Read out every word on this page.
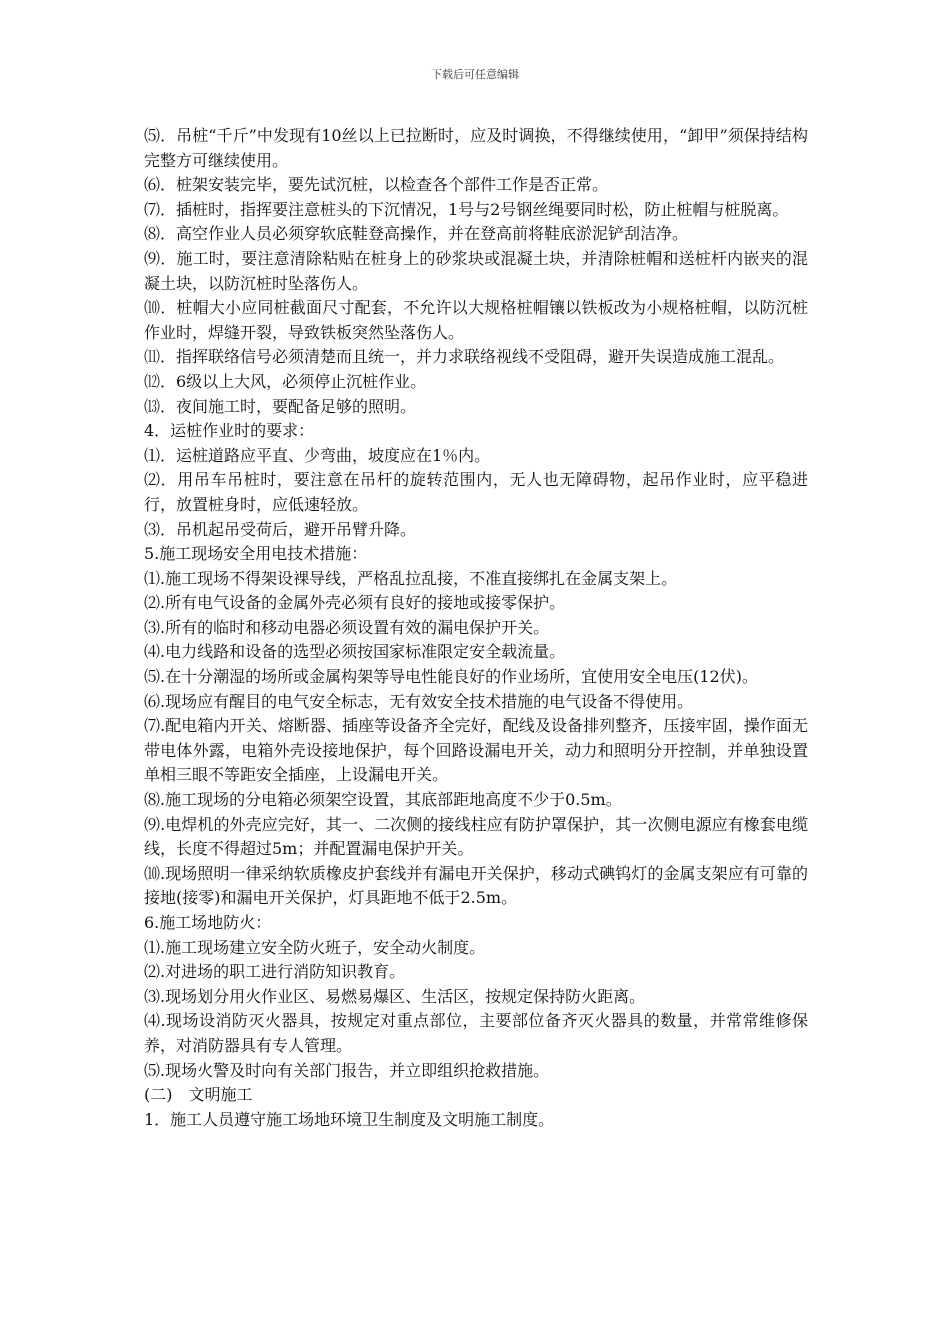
下载后可任意编辑

⑸．吊桩“千斤”中发现有10丝以上已拉断时，应及时调换，不得继续使用，“卸甲”须保持结构完整方可继续使用。

⑹．桩架安装完毕，要先试沉桩，以检查各个部件工作是否正常。

⑺．插桩时，指挥要注意桩头的下沉情况，1号与2号钢丝绳要同时松，防止桩帽与桩脱离。

⑻．高空作业人员必须穿软底鞋登高操作，并在登高前将鞋底淤泥铲刮洁净。

⑼．施工时，要注意清除粘贴在桩身上的砂浆块或混凝土块，并清除桩帽和送桩杆内嵌夹的混凝土块，以防沉桩时坠落伤人。

⑽．桩帽大小应同桩截面尺寸配套，不允许以大规格桩帽镶以铁板改为小规格桩帽，以防沉桩作业时，焊缝开裂，导致铁板突然坠落伤人。

⑾．指挥联络信号必须清楚而且统一，并力求联络视线不受阻碍，避开失误造成施工混乱。

⑿．6级以上大风，必须停止沉桩作业。

⒀．夜间施工时，要配备足够的照明。

4．运桩作业时的要求：

⑴．运桩道路应平直、少弯曲，坡度应在1％内。

⑵．用吊车吊桩时，要注意在吊杆的旋转范围内，无人也无障碍物，起吊作业时，应平稳进行，放置桩身时，应低速轻放。

⑶．吊机起吊受荷后，避开吊臂升降。

5.施工现场安全用电技术措施：

⑴.施工现场不得架设裸导线，严格乱拉乱接，不准直接绑扎在金属支架上。

⑵.所有电气设备的金属外壳必须有良好的接地或接零保护。

⑶.所有的临时和移动电器必须设置有效的漏电保护开关。

⑷.电力线路和设备的选型必须按国家标准限定安全载流量。

⑸.在十分潮湿的场所或金属构架等导电性能良好的作业场所，宜使用安全电压(12伏)。

⑹.现场应有醒目的电气安全标志，无有效安全技术措施的电气设备不得使用。

⑺.配电箱内开关、熔断器、插座等设备齐全完好，配线及设备排列整齐，压接牢固，操作面无带电体外露，电箱外壳设接地保护，每个回路设漏电开关，动力和照明分开控制，并单独设置单相三眼不等距安全插座，上设漏电开关。

⑻.施工现场的分电箱必须架空设置，其底部距地高度不少于0.5m。

⑼.电焊机的外壳应完好，其一、二次侧的接线柱应有防护罩保护，其一次侧电源应有橡套电缆线，长度不得超过5m；并配置漏电保护开关。

⑽.现场照明一律采纳软质橡皮护套线并有漏电开关保护，移动式碘钨灯的金属支架应有可靠的接地(接零)和漏电开关保护，灯具距地不低于2.5m。

6.施工场地防火：

⑴.施工现场建立安全防火班子，安全动火制度。

⑵.对进场的职工进行消防知识教育。

⑶.现场划分用火作业区、易燃易爆区、生活区，按规定保持防火距离。

⑷.现场设消防灭火器具，按规定对重点部位，主要部位备齐灭火器具的数量，并常常维修保养，对消防器具有专人管理。

⑸.现场火警及时向有关部门报告，并立即组织抢救措施。

(二)　文明施工

1．施工人员遵守施工场地环境卫生制度及文明施工制度。
